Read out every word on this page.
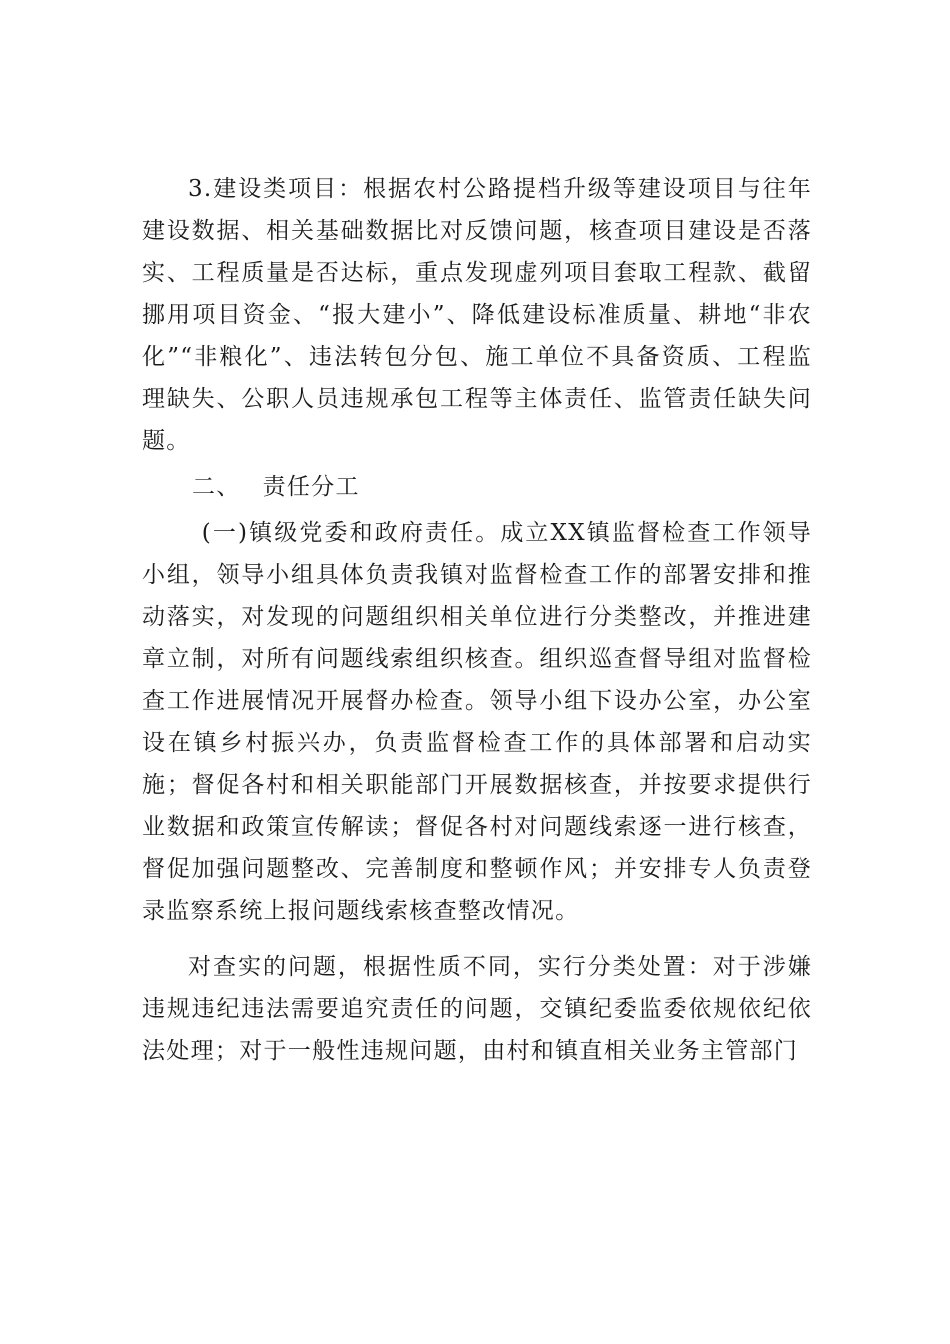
3.建设类项目：根据农村公路提档升级等建设项目与往年建设数据、相关基础数据比对反馈问题，核查项目建设是否落实、工程质量是否达标，重点发现虚列项目套取工程款、截留挪用项目资金、“报大建小”、降低建设标准质量、耕地“非农化”“非粮化”、违法转包分包、施工单位不具备资质、工程监理缺失、公职人员违规承包工程等主体责任、监管责任缺失问题。

二、 责任分工

(一)镇级党委和政府责任。成立XX镇监督检查工作领导小组，领导小组具体负责我镇对监督检查工作的部署安排和推动落实，对发现的问题组织相关单位进行分类整改，并推进建章立制，对所有问题线索组织核查。组织巡查督导组对监督检查工作进展情况开展督办检查。领导小组下设办公室，办公室设在镇乡村振兴办，负责监督检查工作的具体部署和启动实施；督促各村和相关职能部门开展数据核查，并按要求提供行业数据和政策宣传解读；督促各村对问题线索逐一进行核查，督促加强问题整改、完善制度和整顿作风；并安排专人负责登录监察系统上报问题线索核查整改情况。

对查实的问题，根据性质不同，实行分类处置：对于涉嫌违规违纪违法需要追究责任的问题，交镇纪委监委依规依纪依法处理；对于一般性违规问题，由村和镇直相关业务主管部门
